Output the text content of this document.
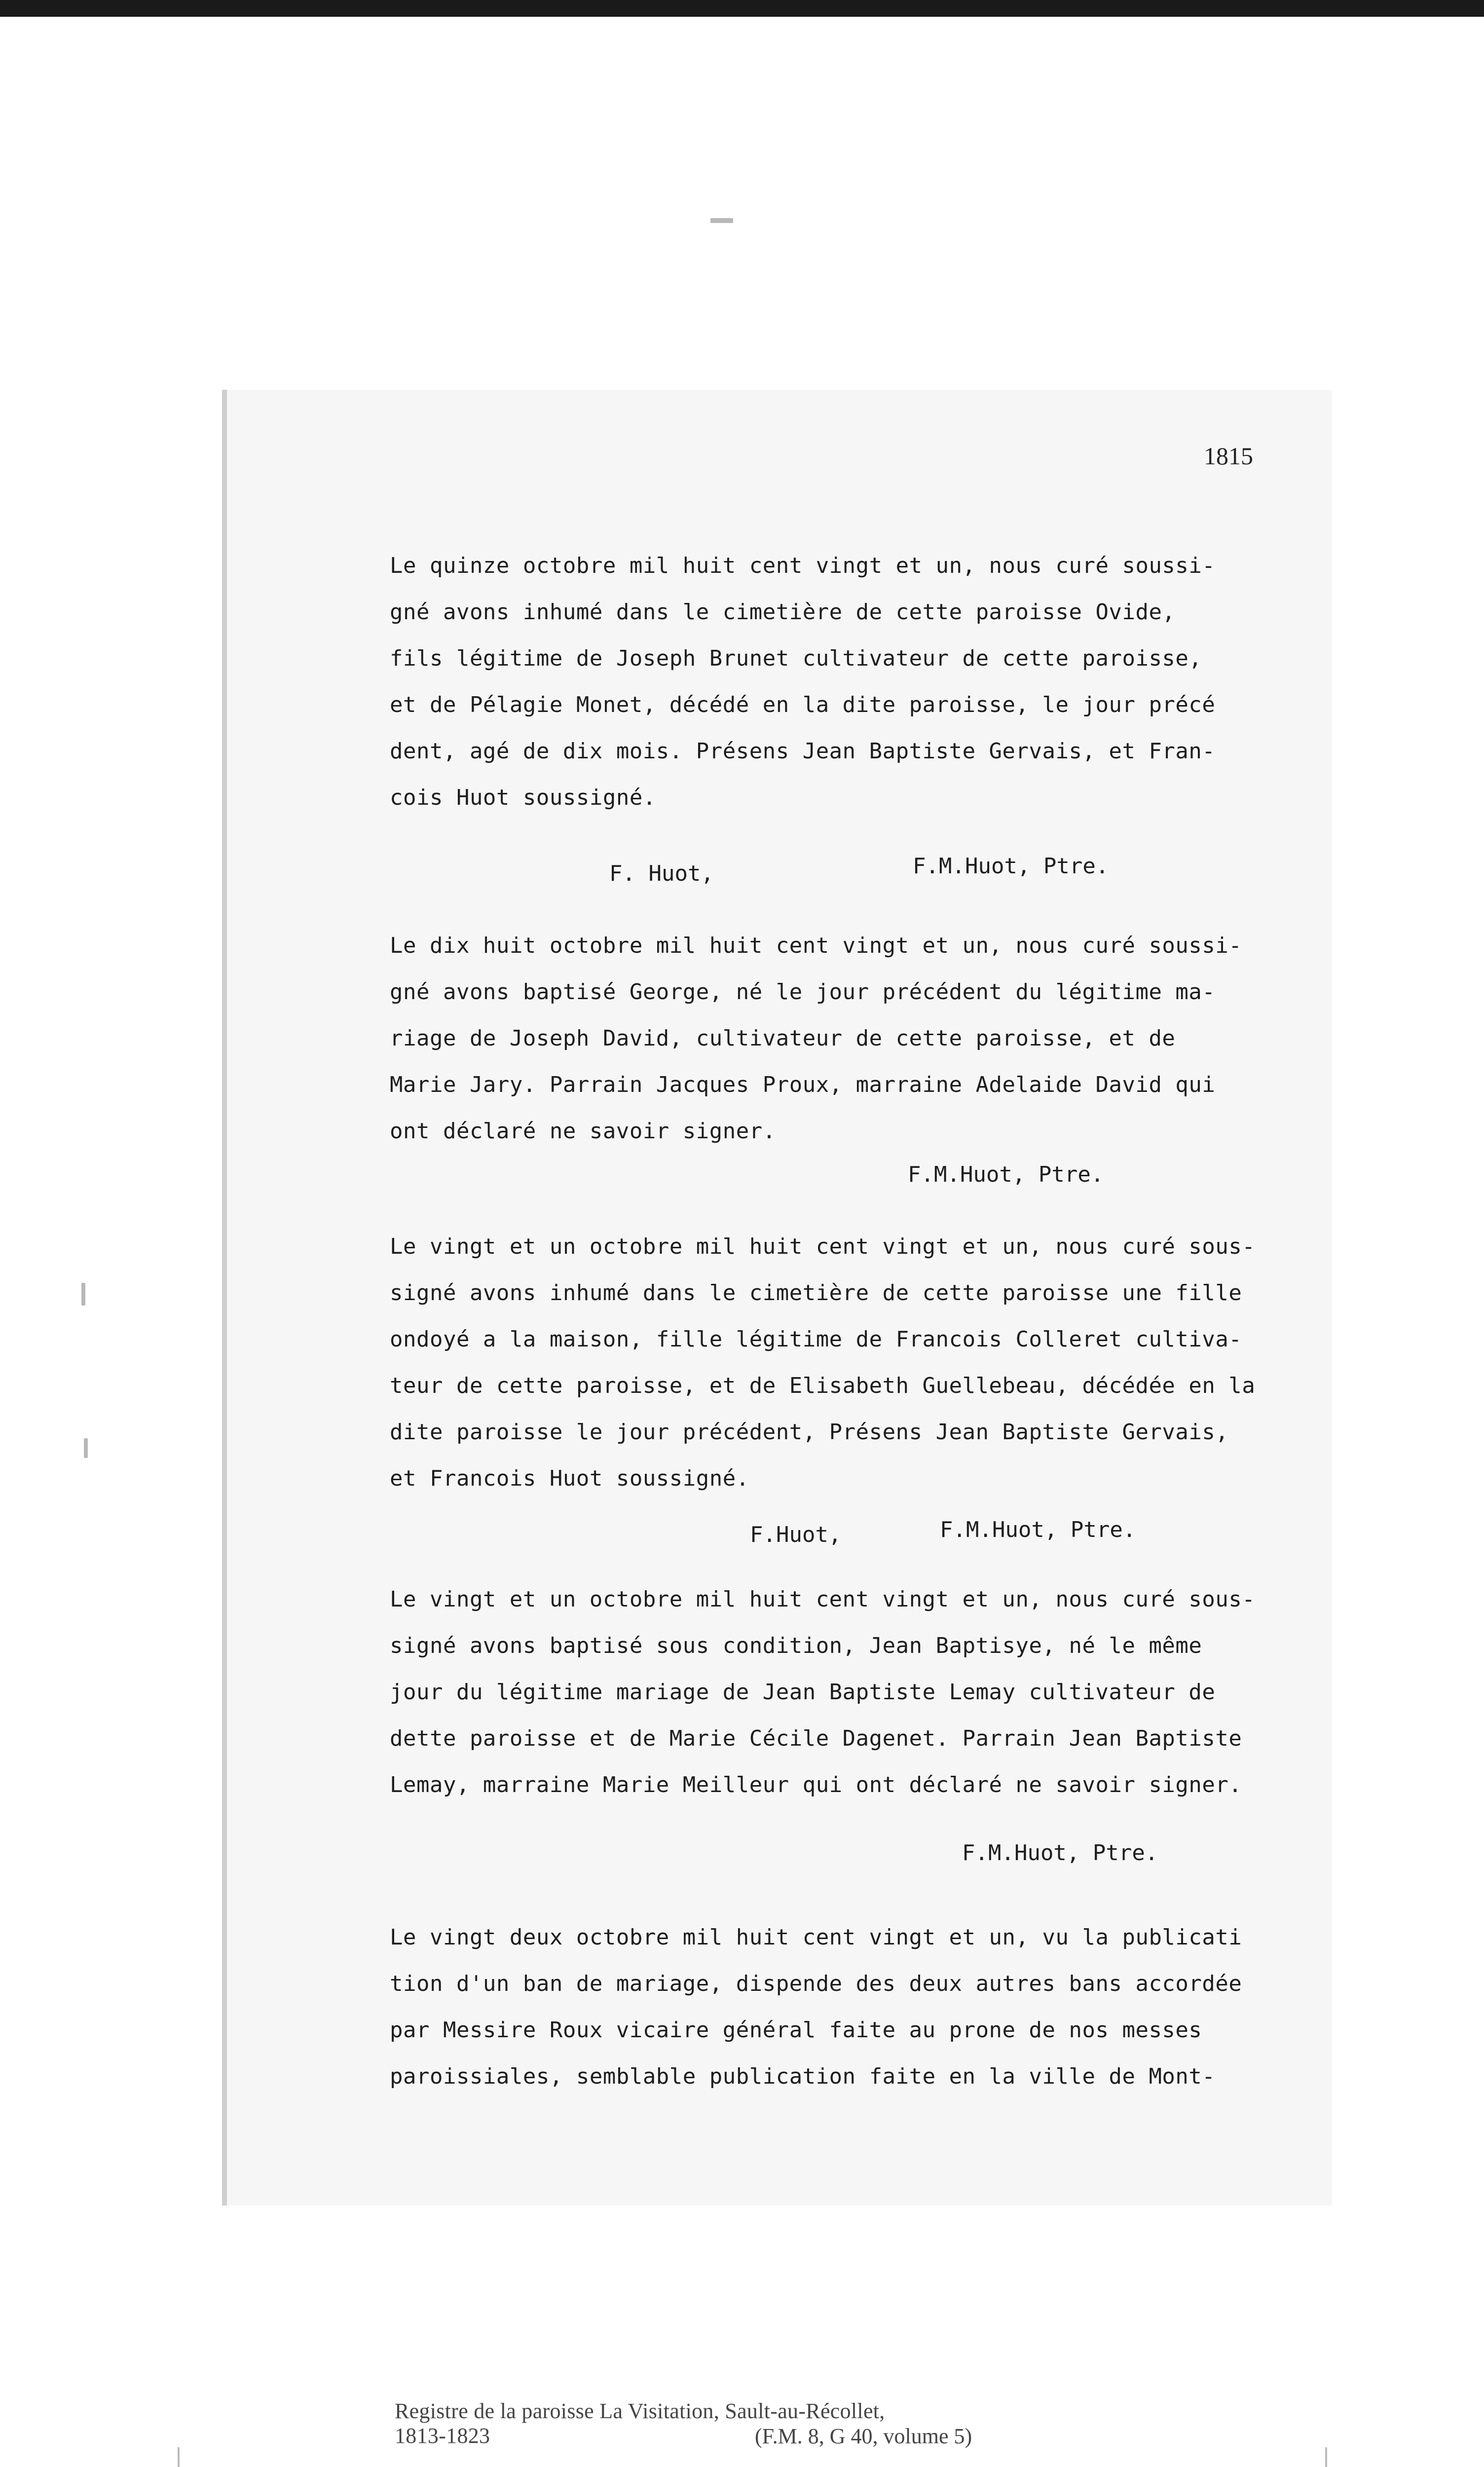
1815
Le quinze octobre mil huit cent vingt et un, nous curé soussi-
gné avons inhumé dans le cimetière de cette paroisse Ovide,
fils légitime de Joseph Brunet cultivateur de cette paroisse,
et de Pélagie Monet, décédé en la dite paroisse, le jour précé
dent, agé de dix mois. Présens Jean Baptiste Gervais, et Fran-
cois Huot soussigné.
F. Huot,	F.M.Huot, Ptre.
Le dix huit octobre mil huit cent vingt et un, nous curé soussi-
gné avons baptisé George, né le jour précédent du légitime ma-
riage de Joseph David, cultivateur de cette paroisse, et de
Marie Jary. Parrain Jacques Proux, marraine Adelaide David qui
ont déclaré ne savoir signer.
F.M.Huot, Ptre.
Le vingt et un octobre mil huit cent vingt et un, nous curé sous-
signé avons inhumé dans le cimetière de cette paroisse une fille
ondoyé a la maison, fille légitime de Francois Colleret cultiva-
teur de cette paroisse, et de Elisabeth Guellebeau, décédée en la
dite paroisse le jour précédent, Présens Jean Baptiste Gervais,
et Francois Huot soussigné.
F.Huot,	F.M.Huot, Ptre.
Le vingt et un octobre mil huit cent vingt et un, nous curé sous-
signé avons baptisé sous condition, Jean Baptisye, né le même
jour du légitime mariage de Jean Baptiste Lemay cultivateur de
dette paroisse et de Marie Cécile Dagenet. Parrain Jean Baptiste
Lemay, marraine Marie Meilleur qui ont déclaré ne savoir signer.
F.M.Huot, Ptre.
Le vingt deux octobre mil huit cent vingt et un, vu la publicati
tion d'un ban de mariage, dispende des deux autres bans accordée
par Messire Roux vicaire général faite au prone de nos messes
paroissiales, semblable publication faite en la ville de Mont-
Registre de la paroisse La Visitation, Sault-au-Récollet,
1813-1823	(F.M. 8, G 40, volume 5)
